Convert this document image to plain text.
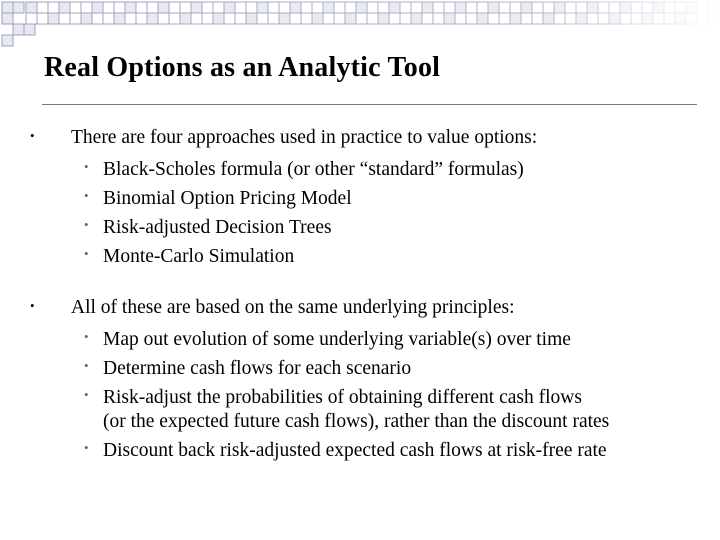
Real Options as an Analytic Tool
• There are four approaches used in practice to value options:
• Black-Scholes formula (or other “standard” formulas)
• Binomial Option Pricing Model
• Risk-adjusted Decision Trees
• Monte-Carlo Simulation
• All of these are based on the same underlying principles:
• Map out evolution of some underlying variable(s) over time
• Determine cash flows for each scenario
• Risk-adjust the probabilities of obtaining different cash flows
(or the expected future cash flows), rather than the discount rates
• Discount back risk-adjusted expected cash flows at risk-free rate
